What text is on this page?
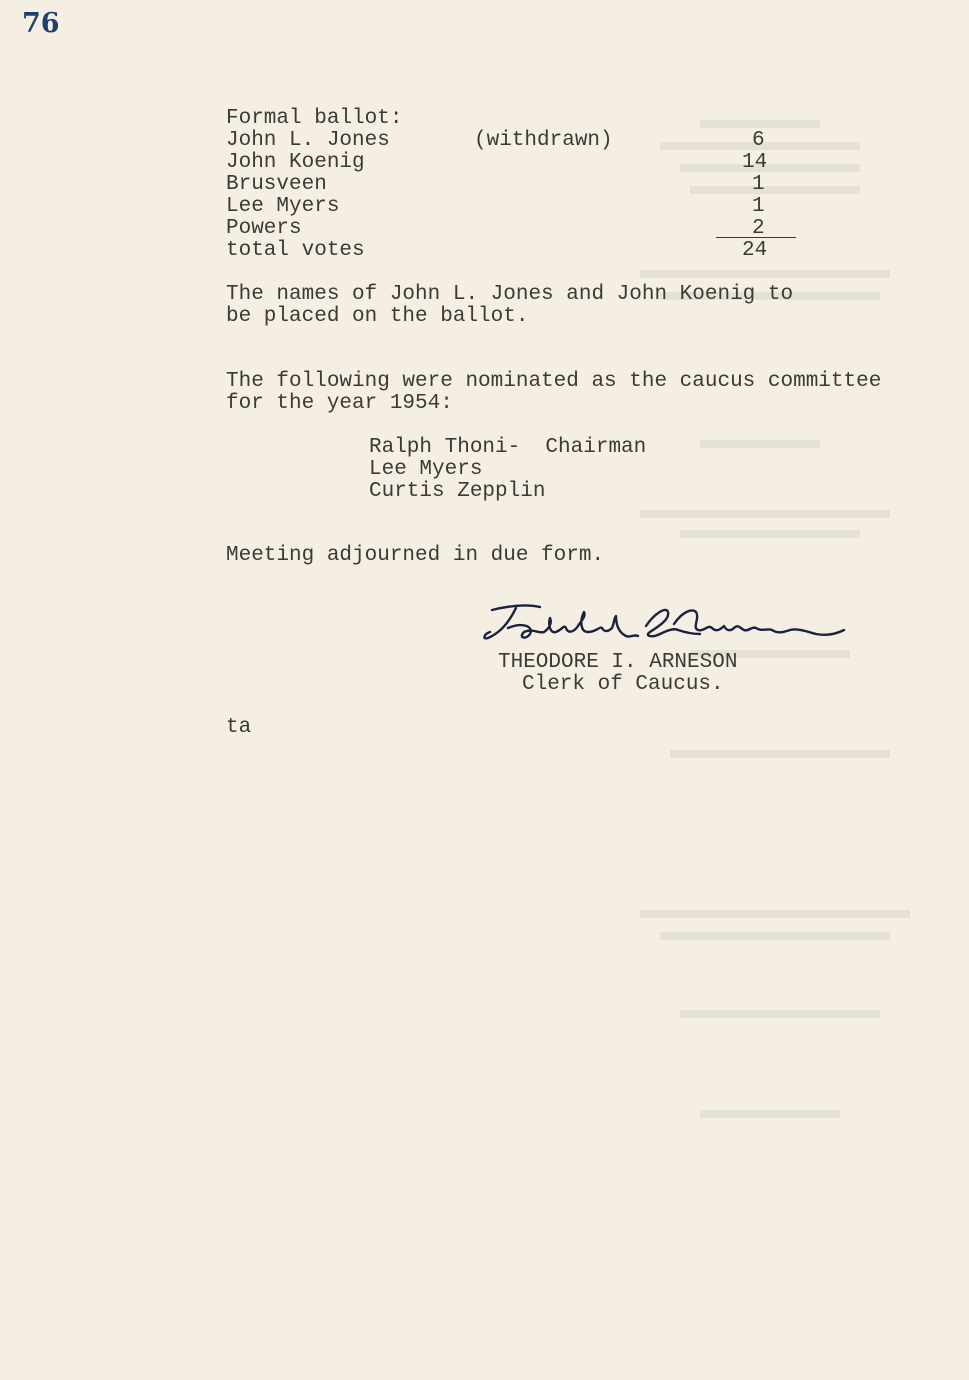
76
Formal ballot:
John L. Jones	(withdrawn)	6
John Koenig	14
Brusveen	1
Lee Myers	1
Powers	2
total votes	24
The names of John L. Jones and John Koenig to
be placed on the ballot.
The following were nominated as the caucus committee
for the year 1954:
Ralph Thoni-  Chairman
Lee Myers
Curtis Zepplin
Meeting adjourned in due form.
THEODORE I. ARNESON
Clerk of Caucus.
ta
